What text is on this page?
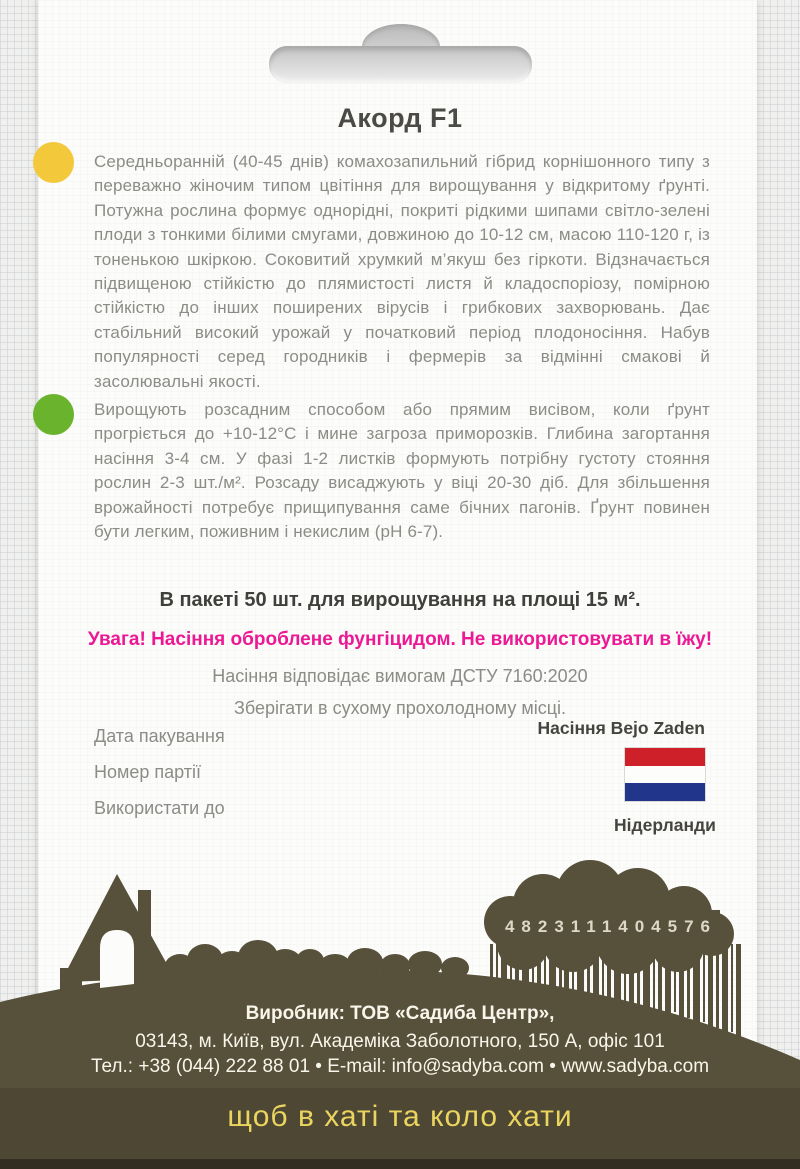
Акорд F1
Середньоранній (40-45 днів) комахозапильний гібрид корнішонного типу з переважно жіночим типом цвітіння для вирощування у відкритому ґрунті. Потужна рослина формує однорідні, покриті рідкими шипами світло-зелені плоди з тонкими білими смугами, довжиною до 10-12 см, масою 110-120 г, із тоненькою шкіркою. Соковитий хрумкий м’якуш без гіркоти. Відзначається підвищеною стійкістю до плямистості листя й кладоспоріозу, помірною стійкістю до інших поширених вірусів і грибкових захворювань. Дає стабільний високий урожай у початковий період плодоносіння. Набув популярності серед городників і фермерів за відмінні смакові й засолювальні якості.
Вирощують розсадним способом або прямим висівом, коли ґрунт прогріється до +10-12°С і мине загроза приморозків. Глибина загортання насіння 3-4 см. У фазі 1-2 листків формують потрібну густоту стояння рослин 2-3 шт./м². Розсаду висаджують у віці 20-30 діб. Для збільшення врожайності потребує прищипування саме бічних пагонів. Ґрунт повинен бути легким, поживним і некислим (pH 6-7).
В пакеті 50 шт. для вирощування на площі 15 м².
Увага! Насіння оброблене фунгіцидом. Не використовувати в їжу!
Насіння відповідає вимогам ДСТУ 7160:2020
Зберігати в сухому прохолодному місці.
Дата пакування
Номер партії
Використати до
Насіння Bejo Zaden
Нідерланди
4823111404576
Виробник: ТОВ «Садиба Центр»,
03143, м. Київ, вул. Академіка Заболотного, 150 А, офіс 101
Тел.: +38 (044) 222 88 01 • E-mail: info@sadyba.com • www.sadyba.com
щоб в хаті та коло хати
